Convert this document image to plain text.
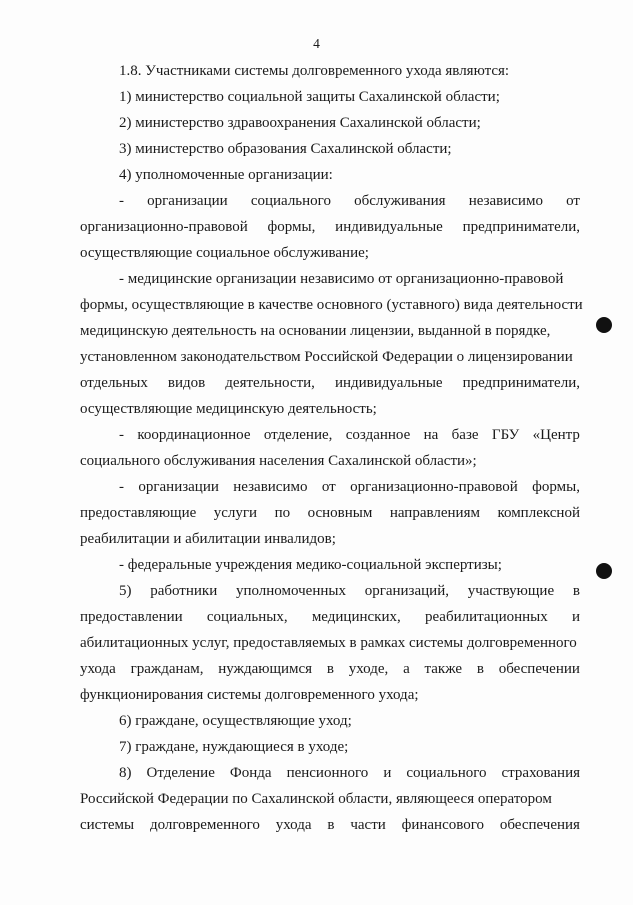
4
1.8. Участниками системы долговременного ухода являются:
1) министерство социальной защиты Сахалинской области;
2) министерство здравоохранения Сахалинской области;
3) министерство образования Сахалинской области;
4) уполномоченные организации:
- организации социального обслуживания независимо от
организационно-правовой формы, индивидуальные предприниматели,
осуществляющие социальное обслуживание;
- медицинские организации независимо от организационно-правовой
формы, осуществляющие в качестве основного (уставного) вида деятельности
медицинскую деятельность на основании лицензии, выданной в порядке,
установленном законодательством Российской Федерации о лицензировании
отдельных видов деятельности, индивидуальные предприниматели,
осуществляющие медицинскую деятельность;
- координационное отделение, созданное на базе ГБУ «Центр
социального обслуживания населения Сахалинской области»;
- организации независимо от организационно-правовой формы,
предоставляющие услуги по основным направлениям комплексной
реабилитации и абилитации инвалидов;
- федеральные учреждения медико-социальной экспертизы;
5) работники уполномоченных организаций, участвующие в
предоставлении социальных, медицинских, реабилитационных и
абилитационных услуг, предоставляемых в рамках системы долговременного
ухода гражданам, нуждающимся в уходе, а также в обеспечении
функционирования системы долговременного ухода;
6) граждане, осуществляющие уход;
7) граждане, нуждающиеся в уходе;
8) Отделение Фонда пенсионного и социального страхования
Российской Федерации по Сахалинской области, являющееся оператором
системы долговременного ухода в части финансового обеспечения
